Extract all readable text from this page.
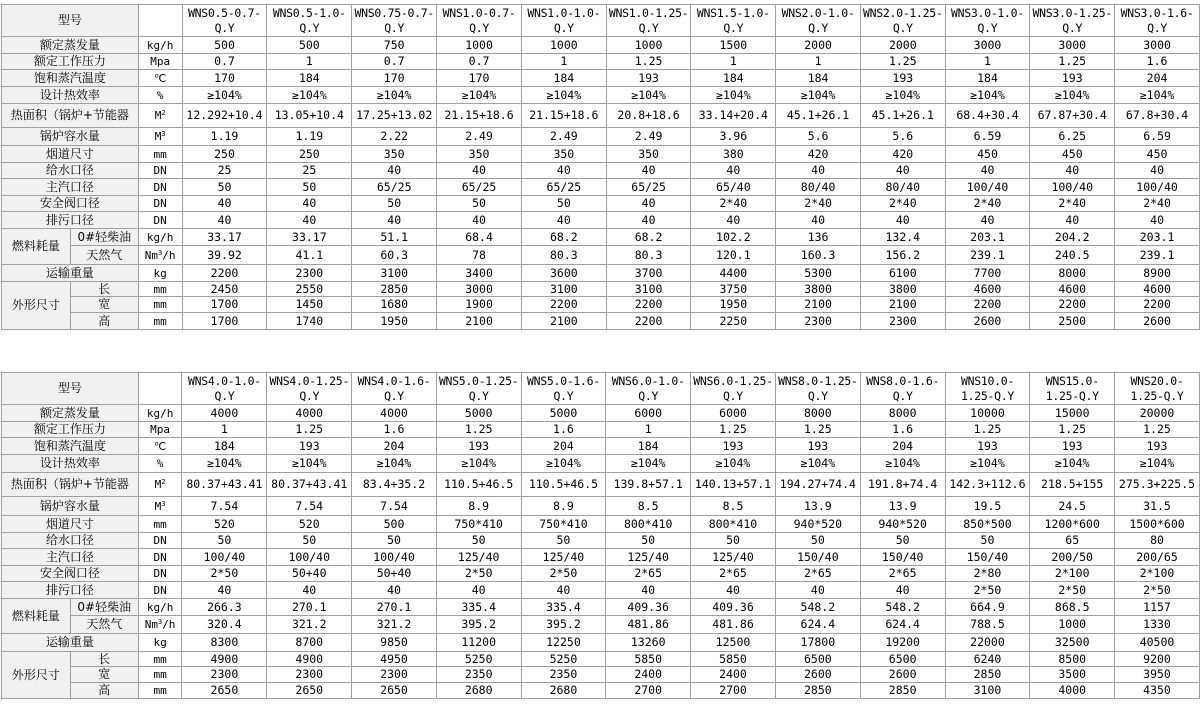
型号			WNS0.5-0.7-Q.Y	WNS0.5-1.0-Q.Y	WNS0.75-0.7-Q.Y	WNS1.0-0.7-Q.Y	WNS1.0-1.0-Q.Y	WNS1.0-1.25-Q.Y	WNS1.5-1.0-Q.Y	WNS2.0-1.0-Q.Y	WNS2.0-1.25-Q.Y	WNS3.0-1.0-Q.Y	WNS3.0-1.25-Q.Y	WNS3.0-1.6-Q.Y
额定蒸发量		kg/h	500	500	750	1000	1000	1000	1500	2000	2000	3000	3000	3000
额定工作压力		Mpa	0.7	1	0.7	0.7	1	1.25	1	1	1.25	1	1.25	1.6
饱和蒸汽温度		℃	170	184	170	170	184	193	184	184	193	184	193	204
设计热效率		%	≥104%	≥104%	≥104%	≥104%	≥104%	≥104%	≥104%	≥104%	≥104%	≥104%	≥104%	≥104%
热面积（锅炉+节能器		$M^2$	12.292+10.4	13.05+10.4	17.25+13.02	21.15+18.6	21.15+18.6	20.8+18.6	33.14+20.4	45.1+26.1	45.1+26.1	68.4+30.4	67.87+30.4	67.8+30.4
锅炉容水量		$M^3$	1.19	1.19	2.22	2.49	2.49	2.49	3.96	5.6	5.6	6.59	6.25	6.59
烟道尺寸		mm	250	250	350	350	350	350	380	420	420	450	450	450
给水口径		DN	25	25	40	40	40	40	40	40	40	40	40	40
主汽口径		DN	50	50	65/25	65/25	65/25	65/25	65/40	80/40	80/40	100/40	100/40	100/40
安全阀口径		DN	40	40	50	50	50	40	2*40	2*40	2*40	2*40	2*40	2*40
排污口径		DN	40	40	40	40	40	40	40	40	40	40	40	40
燃料耗量	0#轻柴油	kg/h	33.17	33.17	51.1	68.4	68.2	68.2	102.2	136	132.4	203.1	204.2	203.1
	天然气	Nm$^3$/h	39.92	41.1	60.3	78	80.3	80.3	120.1	160.3	156.2	239.1	240.5	239.1
运输重量		kg	2200	2300	3100	3400	3600	3700	4400	5300	6100	7700	8000	8900
外形尺寸	长	mm	2450	2550	2850	3000	3100	3100	3750	3800	3800	4600	4600	4600
	宽	mm	1700	1450	1680	1900	2200	2200	1950	2100	2100	2200	2200	2200
	高	mm	1700	1740	1950	2100	2100	2200	2250	2300	2300	2600	2500	2600
型号			WNS4.0-1.0-Q.Y	WNS4.0-1.25-Q.Y	WNS4.0-1.6-Q.Y	WNS5.0-1.25-Q.Y	WNS5.0-1.6-Q.Y	WNS6.0-1.0-Q.Y	WNS6.0-1.25-Q.Y	WNS8.0-1.25-Q.Y	WNS8.0-1.6-Q.Y	WNS10.0-1.25-Q.Y	WNS15.0-1.25-Q.Y	WNS20.0-1.25-Q.Y
额定蒸发量		kg/h	4000	4000	4000	5000	5000	6000	6000	8000	8000	10000	15000	20000
额定工作压力		Mpa	1	1.25	1.6	1.25	1.6	1	1.25	1.25	1.6	1.25	1.25	1.25
饱和蒸汽温度		℃	184	193	204	193	204	184	193	193	204	193	193	193
设计热效率		%	≥104%	≥104%	≥104%	≥104%	≥104%	≥104%	≥104%	≥104%	≥104%	≥104%	≥104%	≥104%
热面积（锅炉+节能器		$M^2$	80.37+43.41	80.37+43.41	83.4+35.2	110.5+46.5	110.5+46.5	139.8+57.1	140.13+57.1	194.27+74.4	191.8+74.4	142.3+112.6	218.5+155	275.3+225.5
锅炉容水量		$M^3$	7.54	7.54	7.54	8.9	8.9	8.5	8.5	13.9	13.9	19.5	24.5	31.5
烟道尺寸		mm	520	520	500	750*410	750*410	800*410	800*410	940*520	940*520	850*500	1200*600	1500*600
给水口径		DN	50	50	50	50	50	50	50	50	50	50	65	80
主汽口径		DN	100/40	100/40	100/40	125/40	125/40	125/40	125/40	150/40	150/40	150/40	200/50	200/65
安全阀口径		DN	2*50	50+40	50+40	2*50	2*50	2*65	2*65	2*65	2*65	2*80	2*100	2*100
排污口径		DN	40	40	40	40	40	40	40	40	40	2*50	2*50	2*50
燃料耗量	0#轻柴油	kg/h	266.3	270.1	270.1	335.4	335.4	409.36	409.36	548.2	548.2	664.9	868.5	1157
	天然气	Nm$^3$/h	320.4	321.2	321.2	395.2	395.2	481.86	481.86	624.4	624.4	788.5	1000	1330
运输重量		kg	8300	8700	9850	11200	12250	13260	12500	17800	19200	22000	32500	40500
外形尺寸	长	mm	4900	4900	4950	5250	5250	5850	5850	6500	6500	6240	8500	9200
	宽	mm	2300	2300	2300	2350	2350	2400	2400	2600	2600	2850	3500	3950
	高	mm	2650	2650	2650	2680	2680	2700	2700	2850	2850	3100	4000	4350
